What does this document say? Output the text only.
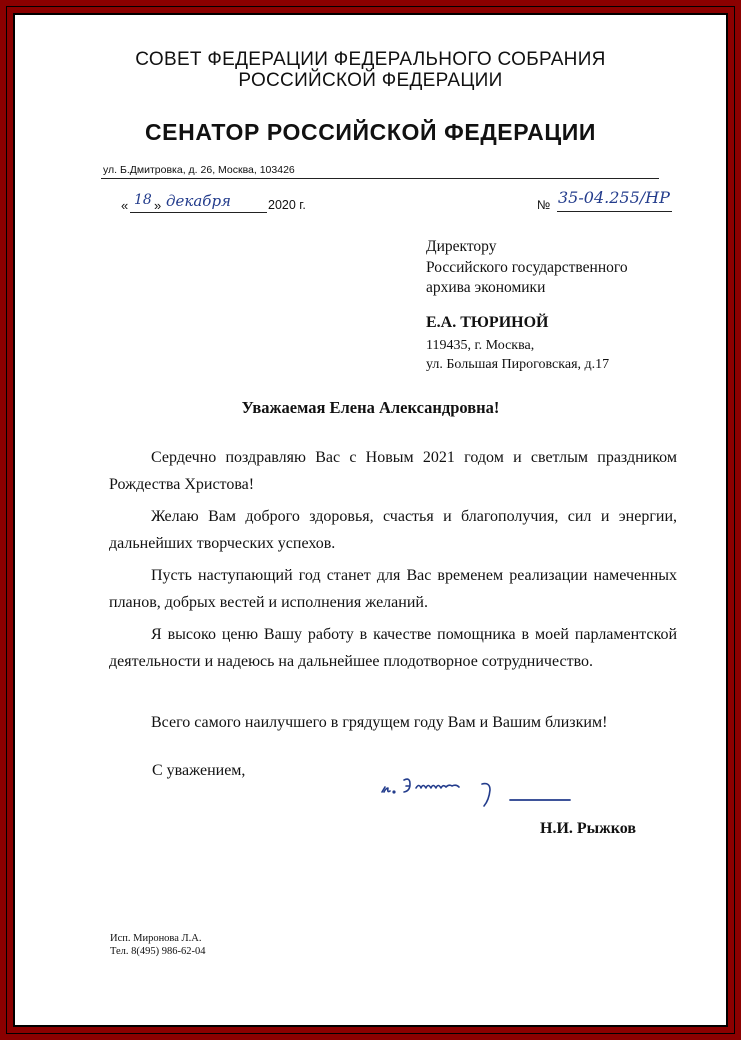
СОВЕТ ФЕДЕРАЦИИ ФЕДЕРАЛЬНОГО СОБРАНИЯ
РОССИЙСКОЙ ФЕДЕРАЦИИ
СЕНАТОР РОССИЙСКОЙ ФЕДЕРАЦИИ
ул. Б.Дмитровка, д. 26, Москва, 103426
« 18 » декабря	2020 г.	№ 35-04.255/НР
Директору
Российского государственного
архива экономики
Е.А. ТЮРИНОЙ
119435, г. Москва,
ул. Большая Пироговская, д.17
Уважаемая Елена Александровна!

Сердечно поздравляю Вас с Новым 2021 годом и светлым праздником Рождества Христова!

Желаю Вам доброго здоровья, счастья и благополучия, сил и энергии, дальнейших творческих успехов.

Пусть наступающий год станет для Вас временем реализации намеченных планов, добрых вестей и исполнения желаний.

Я высоко ценю Вашу работу в качестве помощника в моей парламентской деятельности и надеюсь на дальнейшее плодотворное сотрудничество.

Всего самого наилучшего в грядущем году Вам и Вашим близким!

С уважением,
Н.И. Рыжков
Исп. Миронова Л.А.
Тел. 8(495) 986-62-04
